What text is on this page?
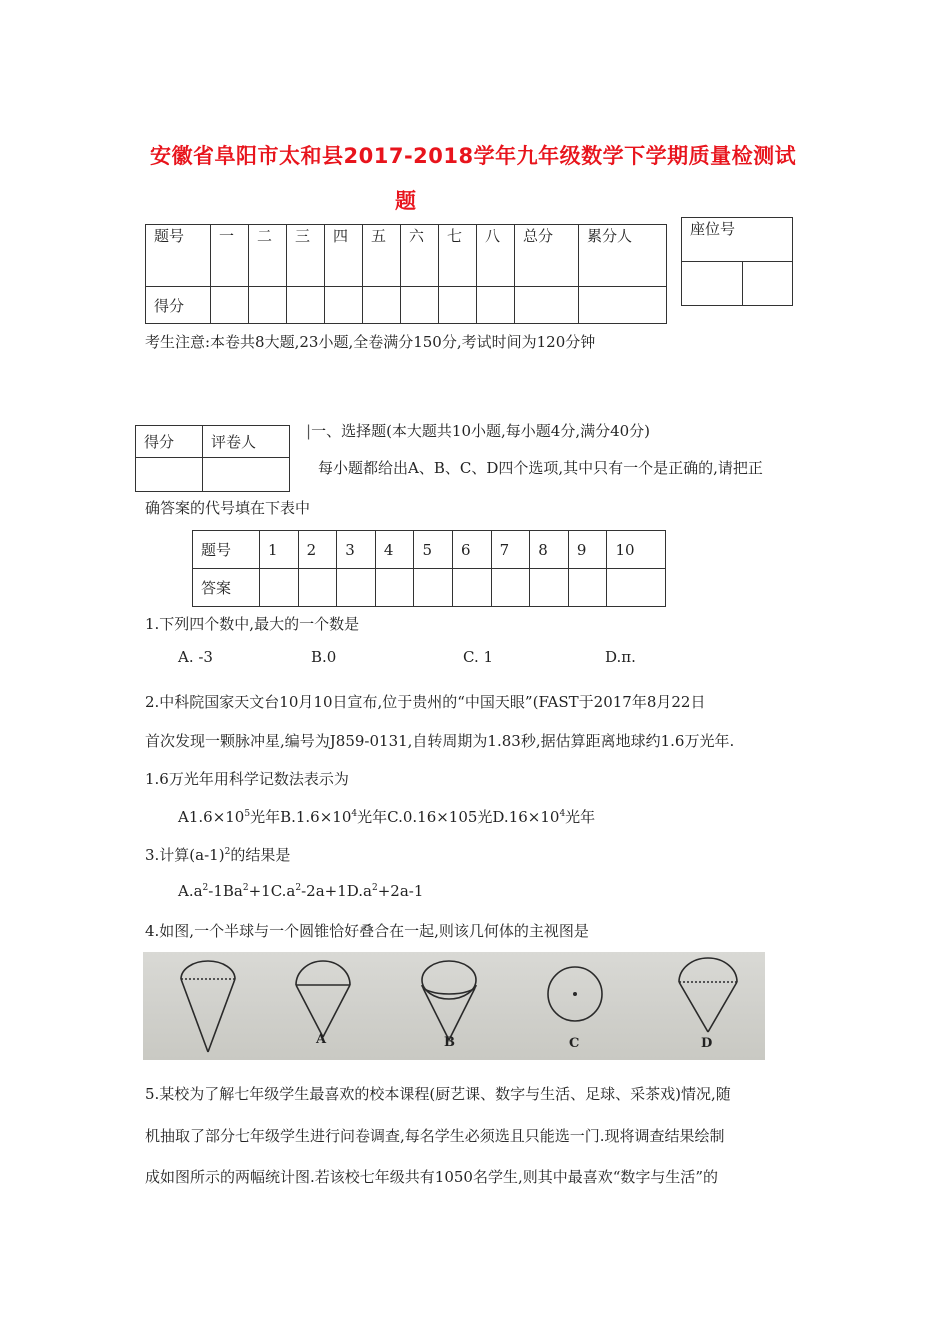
安徽省阜阳市太和县2017-2018学年九年级数学下学期质量检测试
题
题号	一	二	三	四	五	六	七	八	总分	累分人
得分										
座位号

考生注意:本卷共8大题,23小题,全卷满分150分,考试时间为120分钟
得分	评卷人

|一、选择题(本大题共10小题,每小题4分,满分40分)
每小题都给出A、B、C、D四个选项,其中只有一个是正确的,请把正
确答案的代号填在下表中
题号	1	2	3	4	5	6	7	8	9	10
答案										
1.下列四个数中,最大的一个数是
A. -3	B.0	C. 1	D.π.
2.中科院国家天文台10月10日宣布,位于贵州的“中国天眼”(FAST于2017年8月22日
首次发现一颗脉冲星,编号为J859-0131,自转周期为1.83秒,据估算距离地球约1.6万光年.
1.6万光年用科学记数法表示为
$A1.6\times 10^5$光年$B.1.6\times 10^4$光年C.0.16×105光$D.16\times 10^4$光年
3.计算$(a-1)^2$的结果是
$A.a^2-1Ba^2+1C.a^2-2a+1D.a^2+2a-1$
4.如图,一个半球与一个圆锥恰好叠合在一起,则该几何体的主视图是
A	B	C	D
5.某校为了解七年级学生最喜欢的校本课程(厨艺课、数字与生活、足球、采茶戏)情况,随
机抽取了部分七年级学生进行问卷调查,每名学生必须选且只能选一门.现将调查结果绘制
成如图所示的两幅统计图.若该校七年级共有1050名学生,则其中最喜欢“数字与生活”的
